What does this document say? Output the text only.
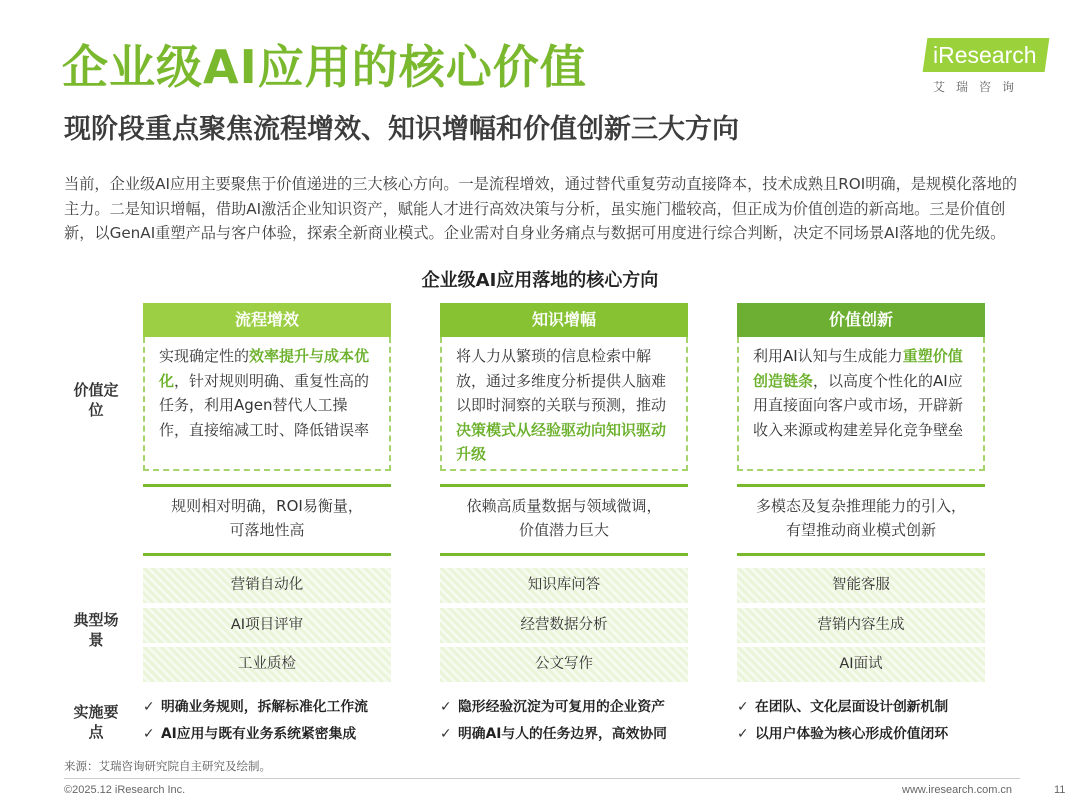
企业级AI应用的核心价值
现阶段重点聚焦流程增效、知识增幅和价值创新三大方向
iResearch
艾瑞咨询
当前，企业级AI应用主要聚焦于价值递进的三大核心方向。一是流程增效，通过替代重复劳动直接降本，技术成熟且ROI明确，是规模化落地的主力。二是知识增幅，借助AI激活企业知识资产，赋能人才进行高效决策与分析，虽实施门槛较高，但正成为价值创造的新高地。三是价值创新，以GenAI重塑产品与客户体验，探索全新商业模式。企业需对自身业务痛点与数据可用度进行综合判断，决定不同场景AI落地的优先级。
企业级AI应用落地的核心方向
价值定位
典型场景
实施要点
流程增效
实现确定性的效率提升与成本优化，针对规则明确、重复性高的任务，利用Agen替代人工操作，直接缩减工时、降低错误率
规则相对明确，ROI易衡量，可落地性高
营销自动化
AI项目评审
工业质检
✓ 明确业务规则，拆解标准化工作流
✓ AI应用与既有业务系统紧密集成
知识增幅
将人力从繁琐的信息检索中解放，通过多维度分析提供人脑难以即时洞察的关联与预测，推动决策模式从经验驱动向知识驱动升级
依赖高质量数据与领域微调，价值潜力巨大
知识库问答
经营数据分析
公文写作
✓ 隐形经验沉淀为可复用的企业资产
✓ 明确AI与人的任务边界，高效协同
价值创新
利用AI认知与生成能力重塑价值创造链条，以高度个性化的AI应用直接面向客户或市场，开辟新收入来源或构建差异化竞争壁垒
多模态及复杂推理能力的引入，有望推动商业模式创新
智能客服
营销内容生成
AI面试
✓ 在团队、文化层面设计创新机制
✓ 以用户体验为核心形成价值闭环
来源：艾瑞咨询研究院自主研究及绘制。
©2025.12 iResearch Inc.	www.iresearch.com.cn	11
